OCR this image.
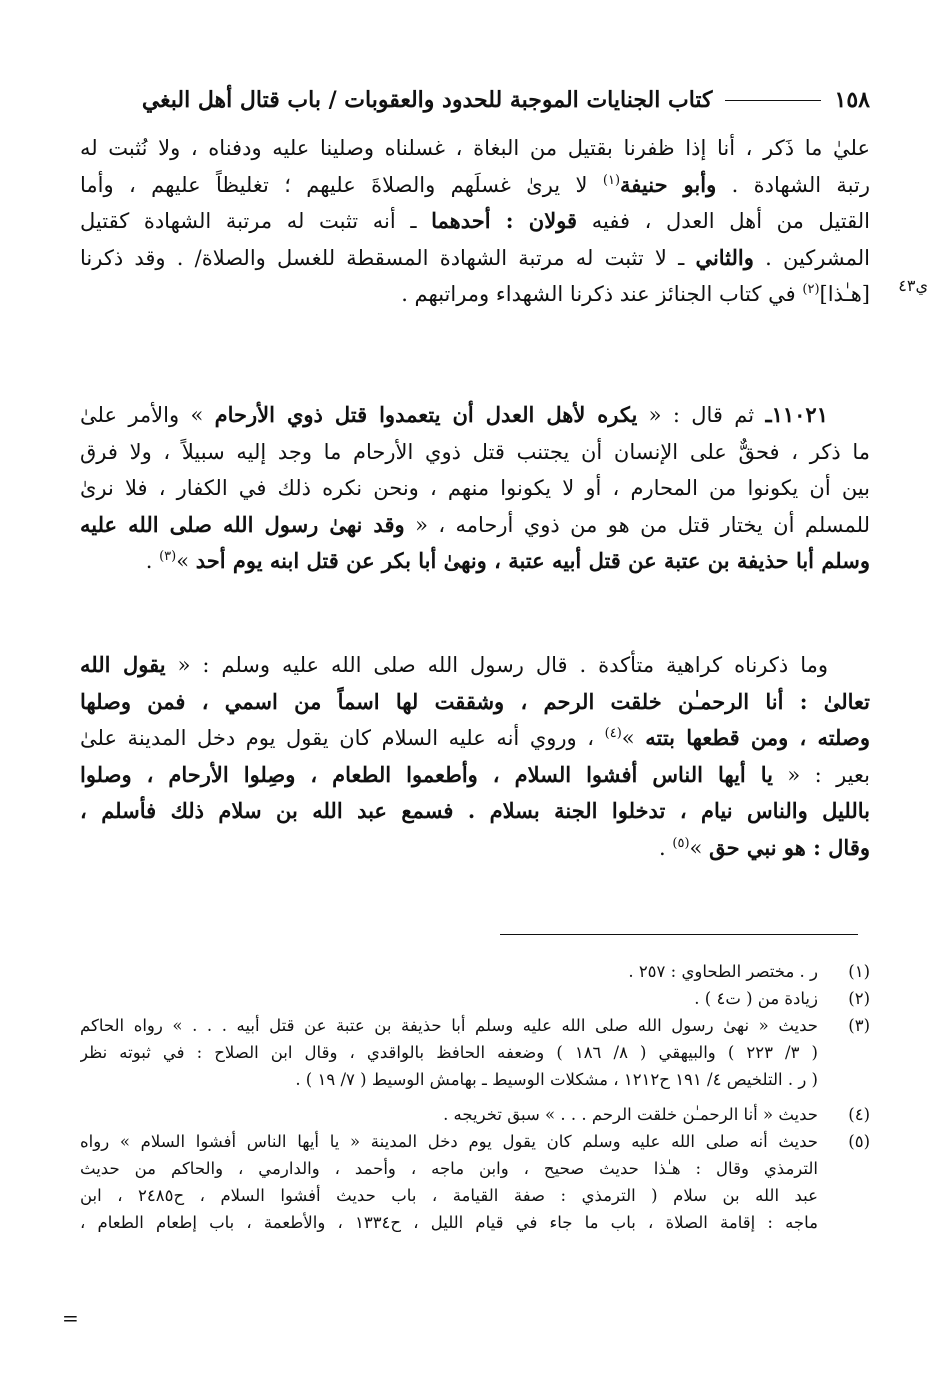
١٥٨
كتاب الجنايات الموجبة للحدود والعقوبات / باب قتال أهل البغي
ي٤٣
عليٰ ما ذَكر ، أنا إذا ظفرنا بقتيل من البغاة ، غسلناه وصلينا عليه ودفناه ، ولا نُثبت له
رتبة الشهادة . وأبو حنيفة$^{(١)}$ لا يرىٰ غسلَهم والصلاةَ عليهم ؛ تغليظاً عليهم ، وأما
القتيل من أهل العدل ، ففيه قولان : أحدهما ـ أنه تثبت له مرتبة الشهادة كقتيل
المشركين . والثاني ـ لا تثبت له مرتبة الشهادة المسقطة للغسل والصلاة/ . وقد ذكرنا
[هـٰذا]$^{(٢)}$ في كتاب الجنائز عند ذكرنا الشهداء ومراتبهم .
  ١١٠٢١ـ ثم قال : « يكره لأهل العدل أن يتعمدوا قتل ذوي الأرحام » والأمر علىٰ
ما ذكر ، فحقٌّ على الإنسان أن يجتنب قتل ذوي الأرحام ما وجد إليه سبيلاً ، ولا فرق
بين أن يكونوا من المحارم ، أو لا يكونوا منهم ، ونحن نكره ذلك في الكفار ، فلا نرىٰ
للمسلم أن يختار قتل من هو من ذوي أرحامه ، « وقد نهىٰ رسول الله صلى الله عليه
وسلم أبا حذيفة بن عتبة عن قتل أبيه عتبة ، ونهىٰ أبا بكر عن قتل ابنه يوم أحد »$^{(٣)}$ .
  وما ذكرناه كراهية متأكدة . قال رسول الله صلى الله عليه وسلم : « يقول الله
تعالىٰ : أنا الرحمـٰن خلقت الرحم ، وشققت لها اسماً من اسمي ، فمن وصلها
وصلته ، ومن قطعها بتته »$^{(٤)}$ ، وروي أنه عليه السلام كان يقول يوم دخل المدينة علىٰ
بعير : « يا أيها الناس أفشوا السلام ، وأطعموا الطعام ، وصِلوا الأرحام ، وصلوا
بالليل والناس نيام ، تدخلوا الجنة بسلام . فسمع عبد الله بن سلام ذلك فأسلم ،
وقال : هو نبي حق »$^{(٥)}$ .
(١)
ر . مختصر الطحاوي : ٢٥٧ .
(٢)
زيادة من ( ت٤ ) .
(٣)
حديث « نهىٰ رسول الله صلى الله عليه وسلم أبا حذيفة بن عتبة عن قتل أبيه . . . » رواه الحاكم
( ٣/ ٢٢٣ ) والبيهقي ( ٨/ ١٨٦ ) وضعفه الحافظ بالواقدي ، وقال ابن الصلاح : في ثبوته نظر
( ر . التلخيص ٤/ ١٩١ ح١٢١٢ ، مشكلات الوسيط ـ بهامش الوسيط ( ٧/ ١٩ ) .
(٤)
حديث « أنا الرحمـٰن خلقت الرحم . . . » سبق تخريجه .
(٥)
حديث أنه صلى الله عليه وسلم كان يقول يوم دخل المدينة « يا أيها الناس أفشوا السلام » رواه
الترمذي وقال : هـٰذا حديث صحيح ، وابن ماجه ، وأحمد ، والدارمي ، والحاكم من حديث
عبد الله بن سلام ( الترمذي : صفة القيامة ، باب حديث أفشوا السلام ، ح٢٤٨٥ ، ابن
ماجه : إقامة الصلاة ، باب ما جاء في قيام الليل ، ح١٣٣٤ ، والأطعمة ، باب إطعام الطعام ،
=
